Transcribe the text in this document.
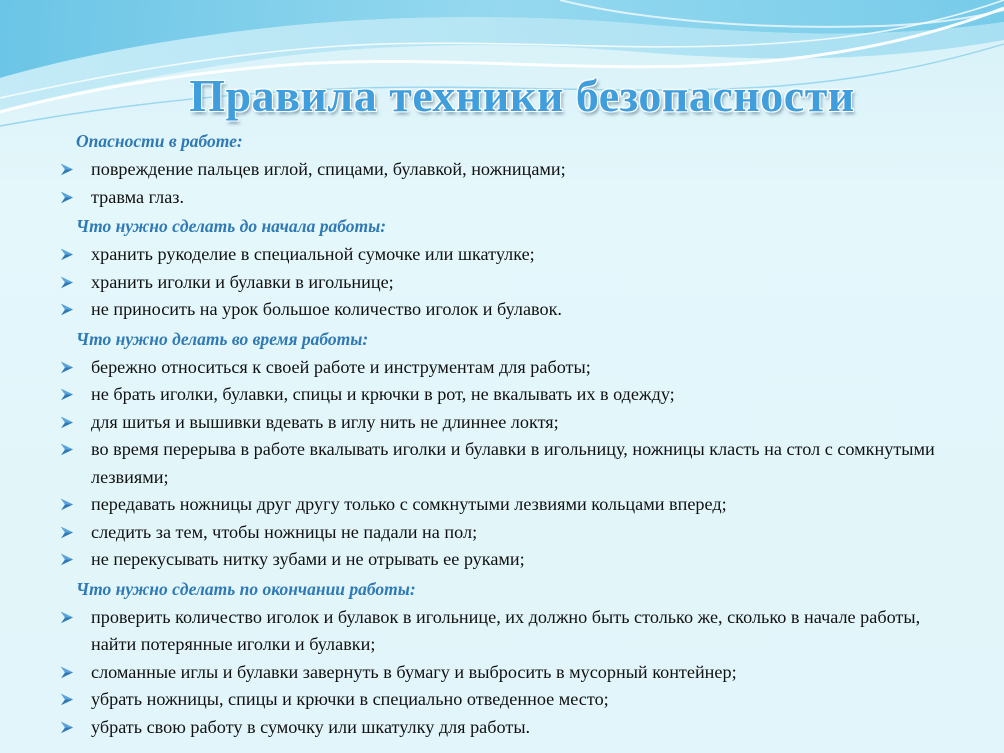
Правила техники безопасности
Опасности в работе:
повреждение пальцев иглой, спицами, булавкой, ножницами;
травма глаз.
Что нужно сделать до начала работы:
хранить рукоделие в специальной сумочке или шкатулке;
хранить иголки и булавки в игольнице;
не приносить на урок большое количество иголок и булавок.
Что нужно делать во время работы:
бережно относиться к своей работе и инструментам для работы;
не брать иголки, булавки, спицы и крючки в рот, не вкалывать их в одежду;
для шитья и вышивки вдевать в иглу нить не длиннее локтя;
во время перерыва в работе вкалывать иголки и булавки в игольницу, ножницы класть на стол с сомкнутыми лезвиями;
передавать ножницы друг другу только с сомкнутыми лезвиями кольцами вперед;
следить за тем, чтобы ножницы не падали на пол;
не перекусывать нитку зубами и не отрывать ее руками;
Что нужно сделать по окончании работы:
проверить количество иголок и булавок в игольнице, их должно быть столько же, сколько в начале работы, найти потерянные иголки и булавки;
сломанные иглы и булавки завернуть в бумагу и выбросить в мусорный контейнер;
убрать ножницы, спицы и крючки в специально отведенное место;
убрать свою работу в сумочку или шкатулку для работы.
